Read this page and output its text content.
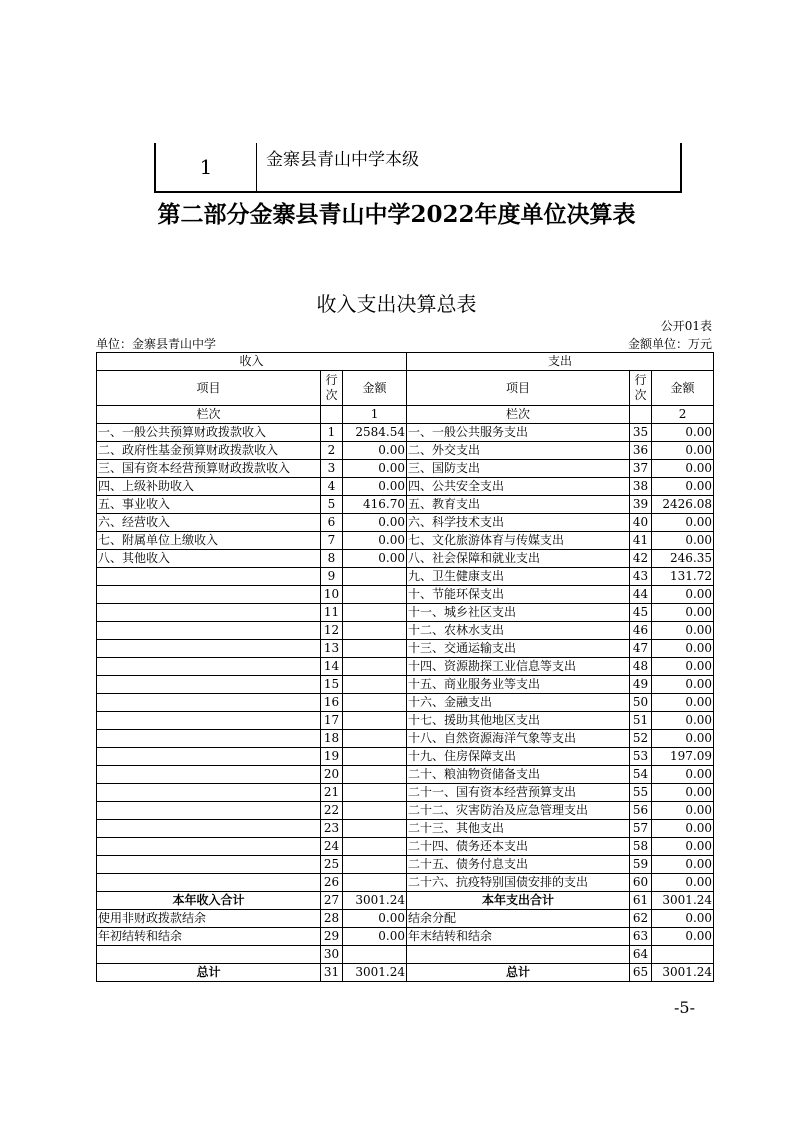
1	金寨县青山中学本级
第二部分金寨县青山中学2022年度单位决算表
收入支出决算总表
公开01表
单位：金寨县青山中学	金额单位：万元
收入			支出		
项目	行次	金额	项目	行次	金额
栏次		1	栏次		2
一、一般公共预算财政拨款收入	1	2584.54	一、一般公共服务支出	35	0.00
二、政府性基金预算财政拨款收入	2	0.00	二、外交支出	36	0.00
三、国有资本经营预算财政拨款收入	3	0.00	三、国防支出	37	0.00
四、上级补助收入	4	0.00	四、公共安全支出	38	0.00
五、事业收入	5	416.70	五、教育支出	39	2426.08
六、经营收入	6	0.00	六、科学技术支出	40	0.00
七、附属单位上缴收入	7	0.00	七、文化旅游体育与传媒支出	41	0.00
八、其他收入	8	0.00	八、社会保障和就业支出	42	246.35
	9		九、卫生健康支出	43	131.72
	10		十、节能环保支出	44	0.00
	11		十一、城乡社区支出	45	0.00
	12		十二、农林水支出	46	0.00
	13		十三、交通运输支出	47	0.00
	14		十四、资源勘探工业信息等支出	48	0.00
	15		十五、商业服务业等支出	49	0.00
	16		十六、金融支出	50	0.00
	17		十七、援助其他地区支出	51	0.00
	18		十八、自然资源海洋气象等支出	52	0.00
	19		十九、住房保障支出	53	197.09
	20		二十、粮油物资储备支出	54	0.00
	21		二十一、国有资本经营预算支出	55	0.00
	22		二十二、灾害防治及应急管理支出	56	0.00
	23		二十三、其他支出	57	0.00
	24		二十四、债务还本支出	58	0.00
	25		二十五、债务付息支出	59	0.00
	26		二十六、抗疫特别国债安排的支出	60	0.00
本年收入合计	27	3001.24	本年支出合计	61	3001.24
使用非财政拨款结余	28	0.00	结余分配	62	0.00
年初结转和结余	29	0.00	年末结转和结余	63	0.00
	30			64	
总计	31	3001.24	总计	65	3001.24
-5-
